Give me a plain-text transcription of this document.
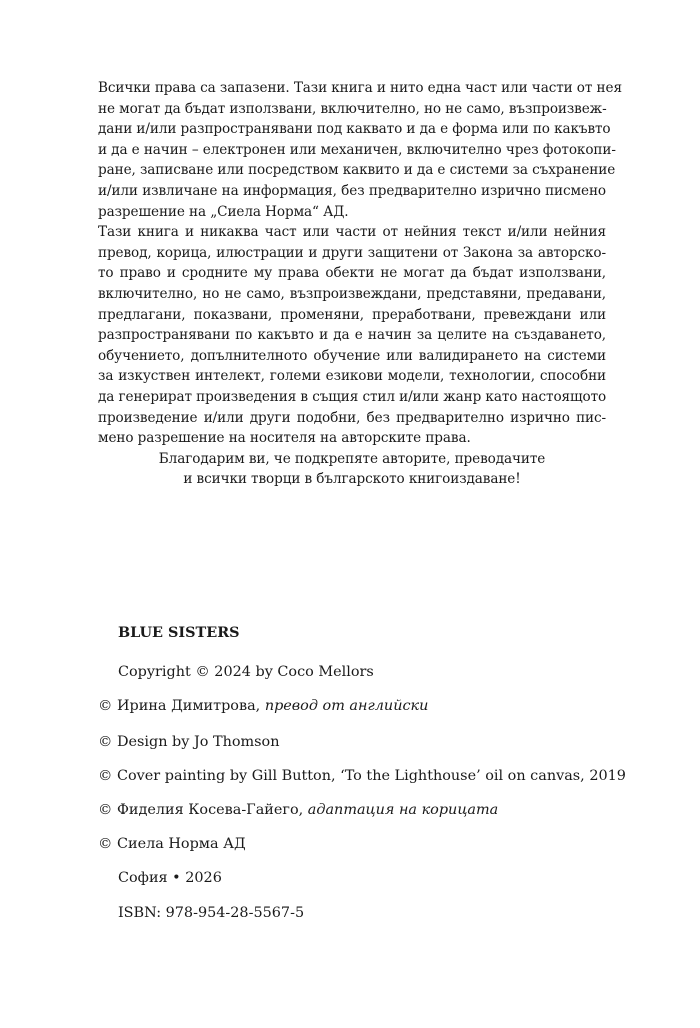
Всички права са запазени. Тази книга и нито една част или части от нея
не могат да бъдат използвани, включително, но не само, възпроизвеж-
дани и/или разпространявани под каквато и да е форма или по какъвто
и да е начин – електронен или механичен, включително чрез фотокопи-
ране, записване или посредством каквито и да е системи за съхранение
и/или извличане на информация, без предварително изрично писмено
разрешение на „Сиела Норма“ АД.
Тази книга и никаква част или части от нейния текст и/или нейния
превод, корица, илюстрации и други защитени от Закона за авторско-
то право и сродните му права обекти не могат да бъдат използвани,
включително, но не само, възпроизвеждани, представяни, предавани,
предлагани, показвани, променяни, преработвани, превеждани или
разпространявани по какъвто и да е начин за целите на създаването,
обучението, допълнителното обучение или валидирането на системи
за изкуствен интелект, големи езикови модели, технологии, способни
да генерират произведения в същия стил и/или жанр като настоящото
произведение и/или други подобни, без предварително изрично пис-
мено разрешение на носителя на авторските права.
Благодарим ви, че подкрепяте авторите, преводачите
и всички творци в българското книгоиздаване!
BLUE SISTERS
Copyright © 2024 by Coco Mellors
© Ирина Димитрова, превод от английски
© Design by Jo Thomson
© Cover painting by Gill Button, ‘To the Lighthouse’ oil on canvas, 2019
© Фиделия Косева-Гайего, адаптация на корицата
© Сиела Норма АД
София • 2026
ISBN: 978-954-28-5567-5
